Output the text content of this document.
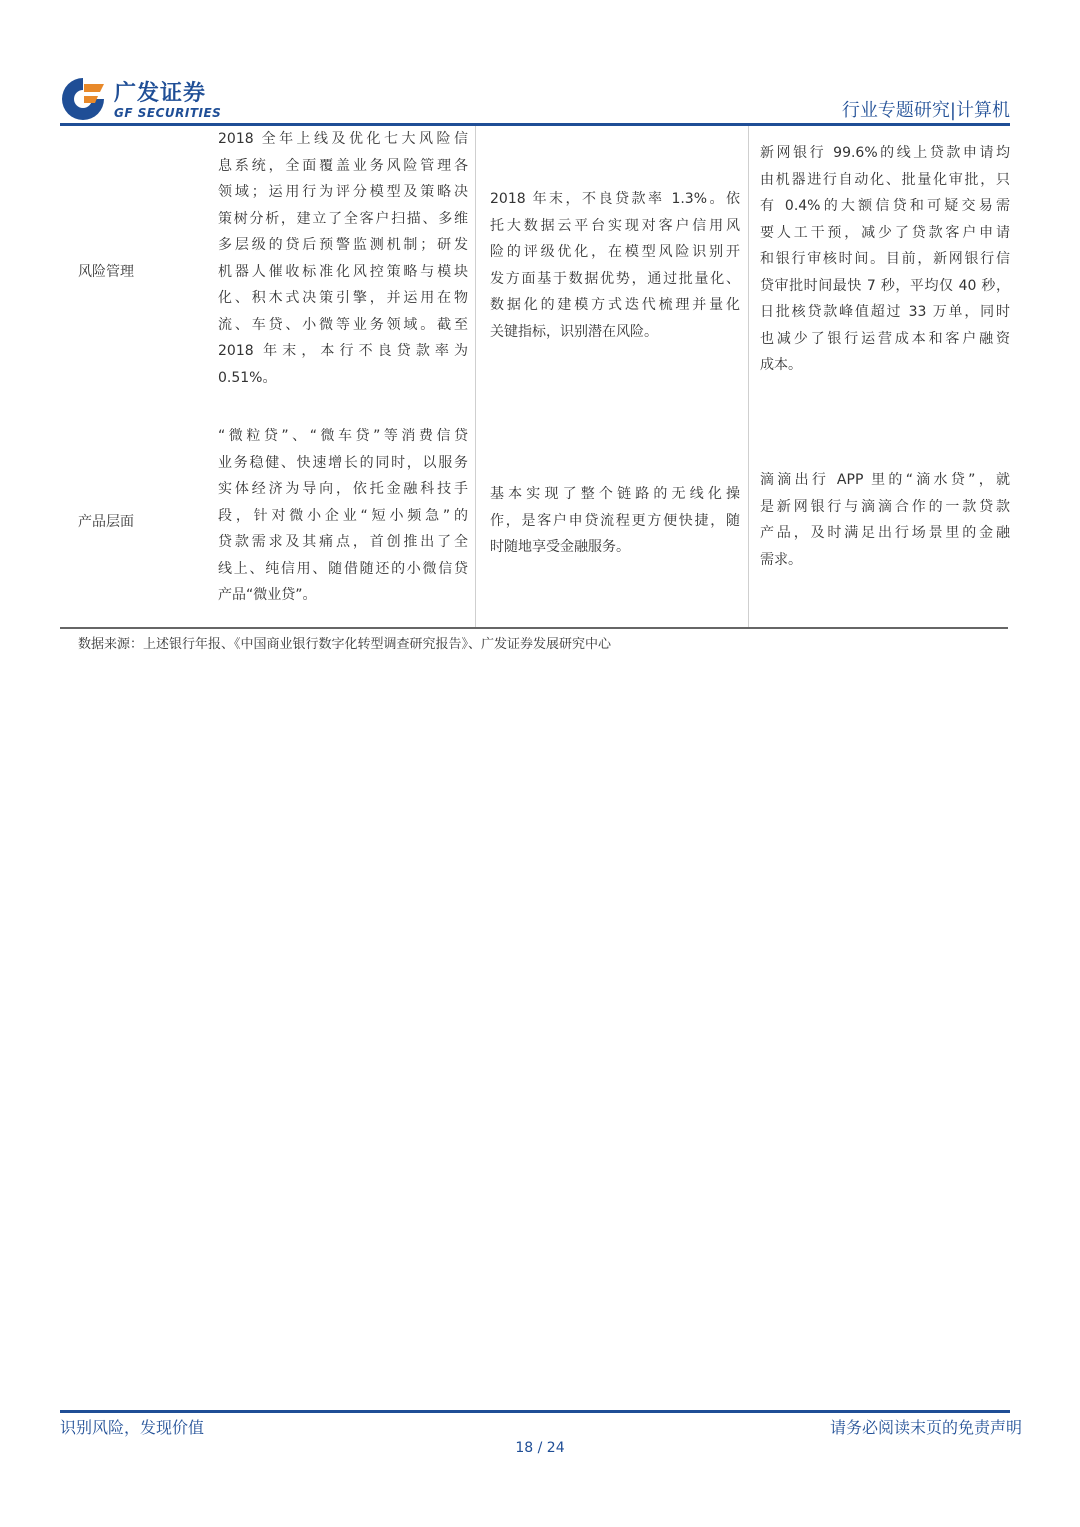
广发证券
GF SECURITIES	行业专题研究|计算机
风险管理
2018 全年上线及优化七大风险信
息系统，全面覆盖业务风险管理各
领域；运用行为评分模型及策略决
策树分析，建立了全客户扫描、多维
多层级的贷后预警监测机制；研发
机器人催收标准化风控策略与模块
化、积木式决策引擎，并运用在物
流、车贷、小微等业务领域。截至
2018 年末，本行不良贷款率为
0.51%。
2018 年末，不良贷款率 1.3%。依
托大数据云平台实现对客户信用风
险的评级优化，在模型风险识别开
发方面基于数据优势，通过批量化、
数据化的建模方式迭代梳理并量化
关键指标，识别潜在风险。
新网银行 99.6%的线上贷款申请均
由机器进行自动化、批量化审批，只
有 0.4%的大额信贷和可疑交易需
要人工干预，减少了贷款客户申请
和银行审核时间。目前，新网银行信
贷审批时间最快 7 秒，平均仅 40 秒，
日批核贷款峰值超过 33 万单，同时
也减少了银行运营成本和客户融资
成本。
产品层面
“微粒贷”、“微车贷”等消费信贷
业务稳健、快速增长的同时，以服务
实体经济为导向，依托金融科技手
段，针对微小企业“短小频急”的
贷款需求及其痛点，首创推出了全
线上、纯信用、随借随还的小微信贷
产品“微业贷”。
基本实现了整个链路的无线化操
作，是客户申贷流程更方便快捷，随
时随地享受金融服务。
滴滴出行 APP 里的“滴水贷”，就
是新网银行与滴滴合作的一款贷款
产品，及时满足出行场景里的金融
需求。
数据来源：上述银行年报、《中国商业银行数字化转型调查研究报告》、广发证券发展研究中心
识别风险，发现价值	请务必阅读末页的免责声明
18 / 24
